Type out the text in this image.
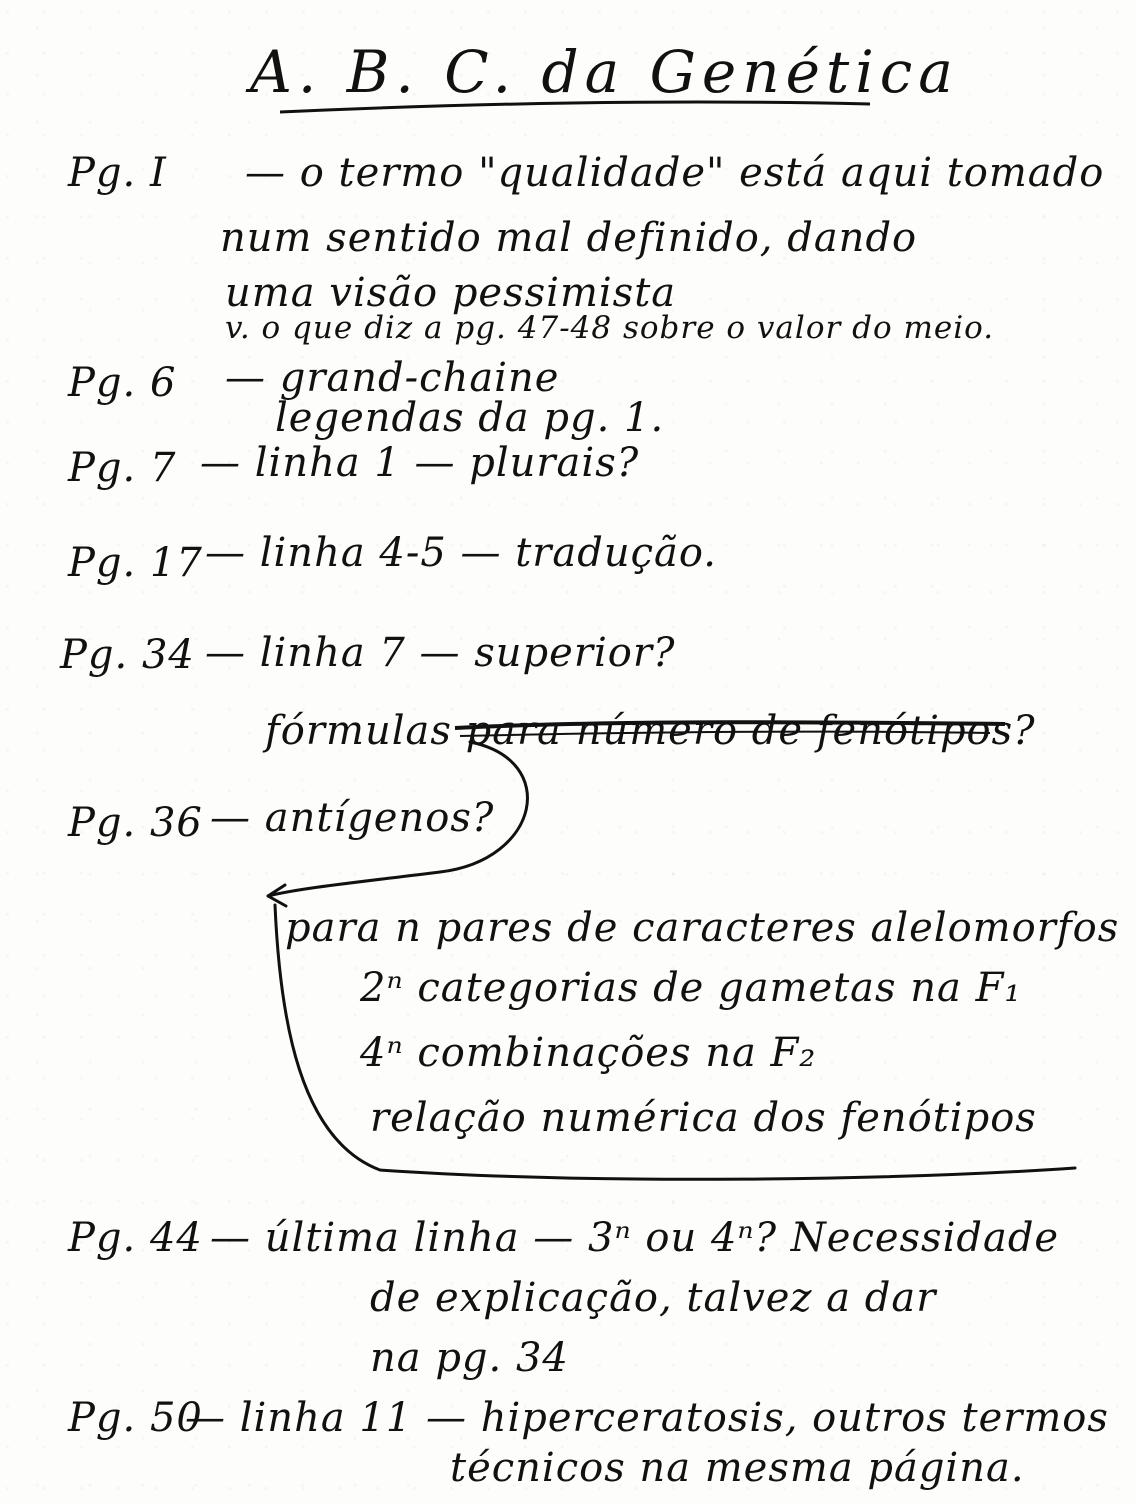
A. B. C. da Genética
Pg. I — o termo "qualidade" está aqui tomado
num sentido mal definido, dando
uma visão pessimista
v. o que diz a pg. 47-48 sobre o valor do meio.
Pg. 6 — grand-chaine
legendas da pg. 1.
Pg. 7 — linha 1 — plurais?
Pg. 17 — linha 4-5 — tradução.
Pg. 34 — linha 7 — superior?
fórmulas para número de fenótipos?
Pg. 36 — antígenos?
para n pares de caracteres alelomorfos
2ⁿ categorias de gametas na F₁
4ⁿ combinações na F₂
relação numérica dos fenótipos
Pg. 44 — última linha — 3ⁿ ou 4ⁿ? Necessidade
de explicação, talvez a dar
na pg. 34
Pg. 50
— linha 11 — hiperceratosis, outros termos
técnicos na mesma página.
